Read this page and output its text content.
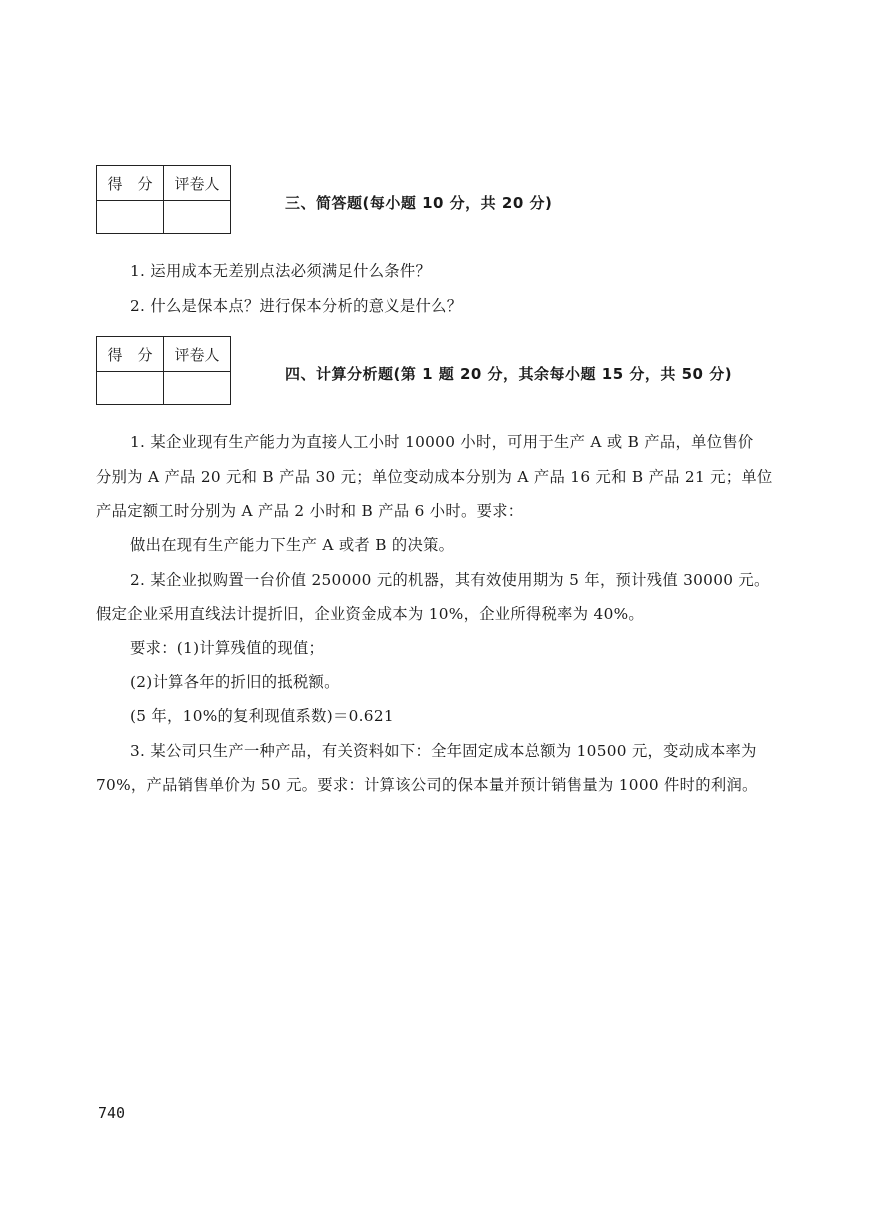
得　分	评卷人

三、简答题(每小题 10 分，共 20 分)
1. 运用成本无差别点法必须满足什么条件？
2. 什么是保本点？进行保本分析的意义是什么？
得　分	评卷人

四、计算分析题(第 1 题 20 分，其余每小题 15 分，共 50 分)
1. 某企业现有生产能力为直接人工小时 10000 小时，可用于生产 A 或 B 产品，单位售价
分别为 A 产品 20 元和 B 产品 30 元；单位变动成本分别为 A 产品 16 元和 B 产品 21 元；单位
产品定额工时分别为 A 产品 2 小时和 B 产品 6 小时。要求：
做出在现有生产能力下生产 A 或者 B 的决策。
2. 某企业拟购置一台价值 250000 元的机器，其有效使用期为 5 年，预计残值 30000 元。
假定企业采用直线法计提折旧，企业资金成本为 10%，企业所得税率为 40%。
要求：(1)计算残值的现值；
(2)计算各年的折旧的抵税额。
(5 年，10%的复利现值系数)＝0.621
3. 某公司只生产一种产品，有关资料如下：全年固定成本总额为 10500 元，变动成本率为
70%，产品销售单价为 50 元。要求：计算该公司的保本量并预计销售量为 1000 件时的利润。
740
